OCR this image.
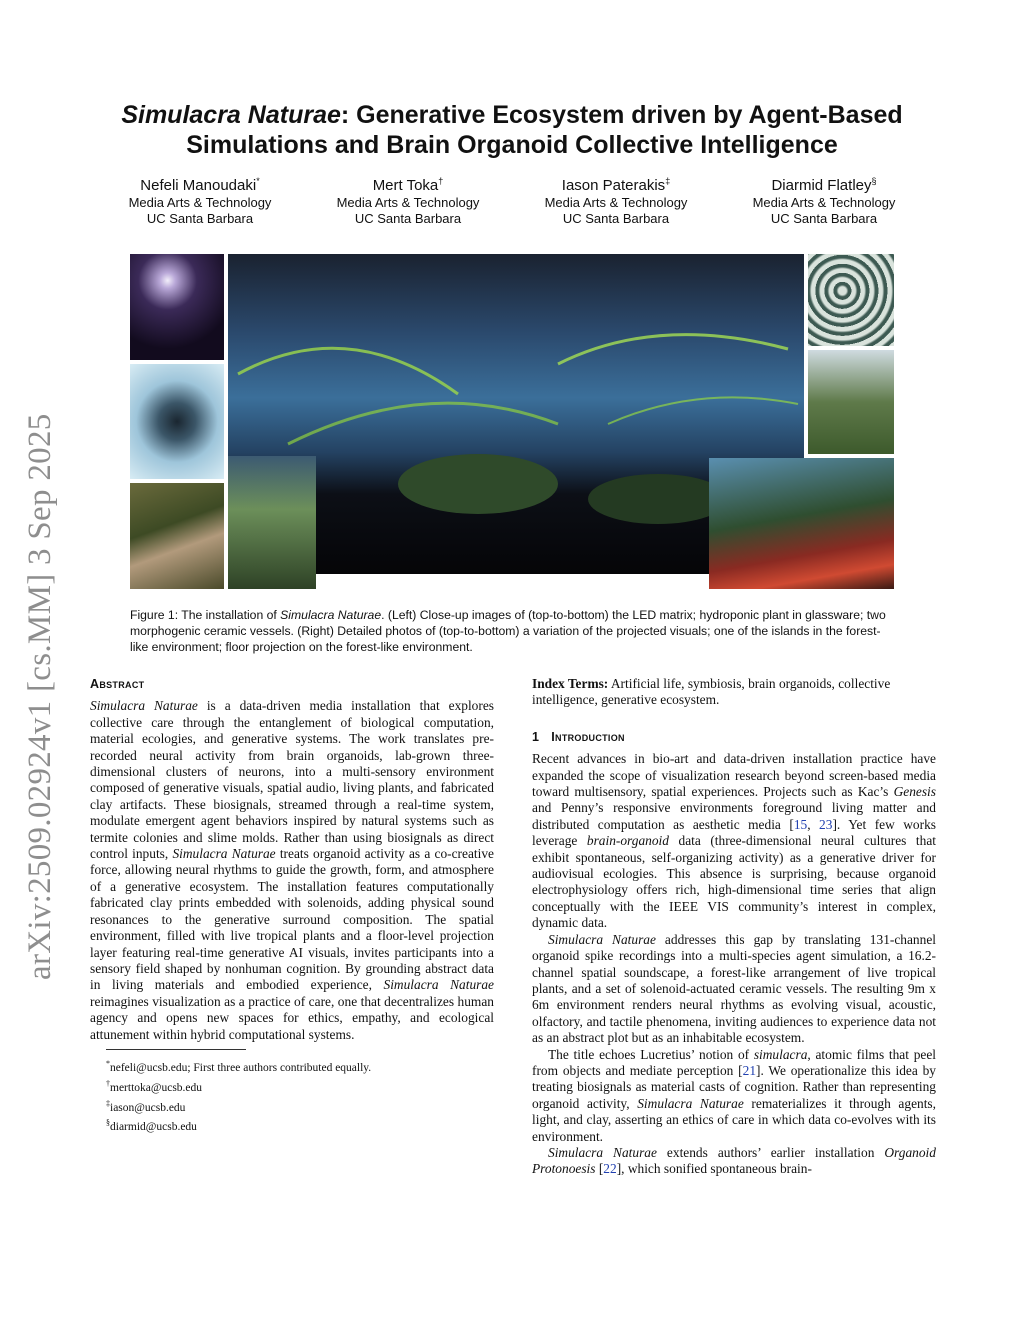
arXiv:2509.02924v1 [cs.MM] 3 Sep 2025
Simulacra Naturae: Generative Ecosystem driven by Agent-Based
Simulations and Brain Organoid Collective Intelligence
Nefeli Manoudaki*
Media Arts & Technology
UC Santa Barbara
Mert Toka†
Media Arts & Technology
UC Santa Barbara
Iason Paterakis‡
Media Arts & Technology
UC Santa Barbara
Diarmid Flatley§
Media Arts & Technology
UC Santa Barbara
Figure 1: The installation of Simulacra Naturae. (Left) Close-up images of (top-to-bottom) the LED matrix; hydroponic plant in glassware; two morphogenic ceramic vessels. (Right) Detailed photos of (top-to-bottom) a variation of the projected visuals; one of the islands in the forest-like environment; floor projection on the forest-like environment.
Abstract

Simulacra Naturae is a data-driven media installation that explores collective care through the entanglement of biological computation, material ecologies, and generative systems. The work translates pre-recorded neural activity from brain organoids, lab-grown three-dimensional clusters of neurons, into a multi-sensory environment composed of generative visuals, spatial audio, living plants, and fabricated clay artifacts. These biosignals, streamed through a real-time system, modulate emergent agent behaviors inspired by natural systems such as termite colonies and slime molds. Rather than using biosignals as direct control inputs, Simulacra Naturae treats organoid activity as a co-creative force, allowing neural rhythms to guide the growth, form, and atmosphere of a generative ecosystem. The installation features computationally fabricated clay prints embedded with solenoids, adding physical sound resonances to the generative surround composition. The spatial environment, filled with live tropical plants and a floor-level projection layer featuring real-time generative AI visuals, invites participants into a sensory field shaped by nonhuman cognition. By grounding abstract data in living materials and embodied experience, Simulacra Naturae reimagines visualization as a practice of care, one that decentralizes human agency and opens new spaces for ethics, empathy, and ecological attunement within hybrid computational systems.

*nefeli@ucsb.edu; First three authors contributed equally.
†merttoka@ucsb.edu
‡iason@ucsb.edu
§diarmid@ucsb.edu

Index Terms: Artificial life, symbiosis, brain organoids, collective intelligence, generative ecosystem.

1 Introduction

Recent advances in bio-art and data-driven installation practice have expanded the scope of visualization research beyond screen-based media toward multisensory, spatial experiences. Projects such as Kac’s Genesis and Penny’s responsive environments foreground living matter and distributed computation as aesthetic media [15, 23]. Yet few works leverage brain-organoid data (three-dimensional neural cultures that exhibit spontaneous, self-organizing activity) as a generative driver for audiovisual ecologies. This absence is surprising, because organoid electrophysiology offers rich, high-dimensional time series that align conceptually with the IEEE VIS community’s interest in complex, dynamic data.

Simulacra Naturae addresses this gap by translating 131-channel organoid spike recordings into a multi-species agent simulation, a 16.2-channel spatial soundscape, a forest-like arrangement of live tropical plants, and a set of solenoid-actuated ceramic vessels. The resulting 9m x 6m environment renders neural rhythms as evolving visual, acoustic, olfactory, and tactile phenomena, inviting audiences to experience data not as an abstract plot but as an inhabitable ecosystem.

The title echoes Lucretius’ notion of simulacra, atomic films that peel from objects and mediate perception [21]. We operationalize this idea by treating biosignals as material casts of cognition. Rather than representing organoid activity, Simulacra Naturae rematerializes it through agents, light, and clay, asserting an ethics of care in which data co-evolves with its environment.

Simulacra Naturae extends authors’ earlier installation Organoid Protonoesis [22], which sonified spontaneous brain-
